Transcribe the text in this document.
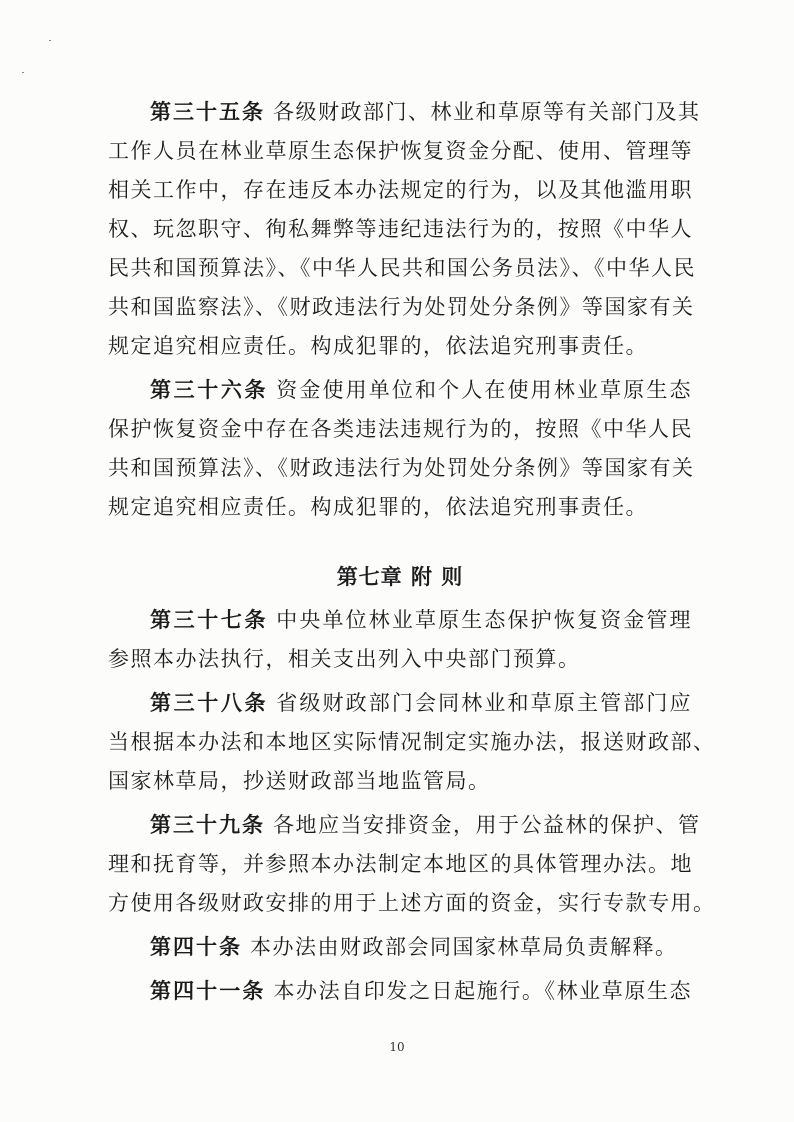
第三十五条 各级财政部门、林业和草原等有关部门及其
工作人员在林业草原生态保护恢复资金分配、使用、管理等
相关工作中，存在违反本办法规定的行为，以及其他滥用职
权、玩忽职守、徇私舞弊等违纪违法行为的，按照《中华人
民共和国预算法》、《中华人民共和国公务员法》、《中华人民
共和国监察法》、《财政违法行为处罚处分条例》等国家有关
规定追究相应责任。构成犯罪的，依法追究刑事责任。
第三十六条 资金使用单位和个人在使用林业草原生态
保护恢复资金中存在各类违法违规行为的，按照《中华人民
共和国预算法》、《财政违法行为处罚处分条例》等国家有关
规定追究相应责任。构成犯罪的，依法追究刑事责任。
第七章 附 则
第三十七条 中央单位林业草原生态保护恢复资金管理
参照本办法执行，相关支出列入中央部门预算。
第三十八条 省级财政部门会同林业和草原主管部门应
当根据本办法和本地区实际情况制定实施办法，报送财政部、
国家林草局，抄送财政部当地监管局。
第三十九条 各地应当安排资金，用于公益林的保护、管
理和抚育等，并参照本办法制定本地区的具体管理办法。地
方使用各级财政安排的用于上述方面的资金，实行专款专用。
第四十条 本办法由财政部会同国家林草局负责解释。
第四十一条 本办法自印发之日起施行。《林业草原生态
10
